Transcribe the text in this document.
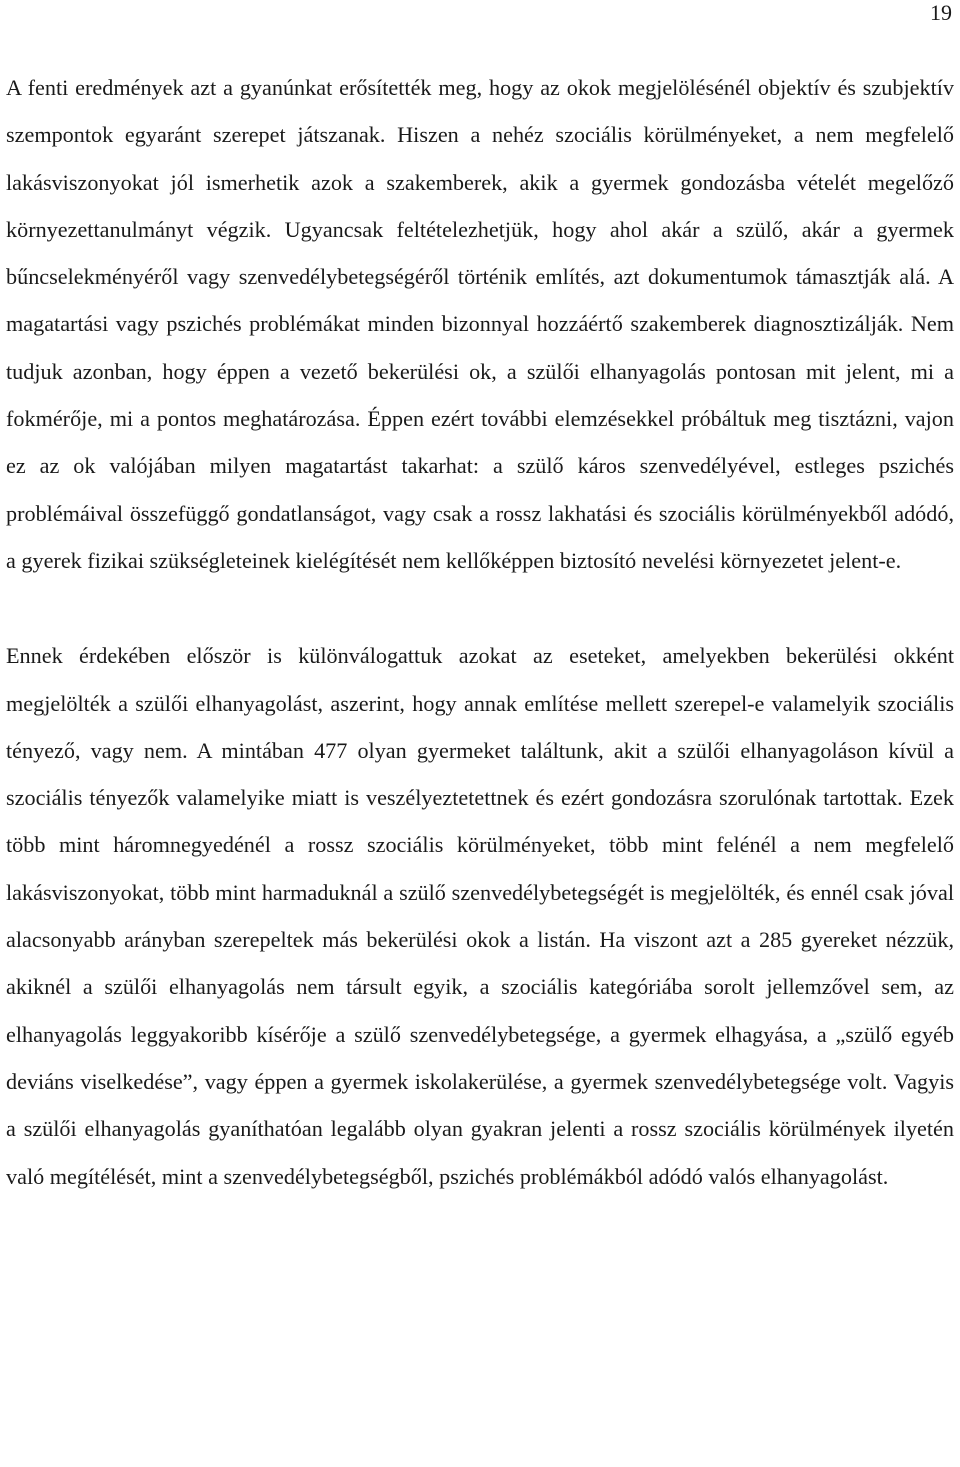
19

A fenti eredmények azt a gyanúnkat erősítették meg, hogy az okok megjelölésénél objektív és szubjektív szempontok egyaránt szerepet játszanak. Hiszen a nehéz szociális körülményeket, a nem megfelelő lakásviszonyokat jól ismerhetik azok a szakemberek, akik a gyermek gondozásba vételét megelőző környezettanulmányt végzik. Ugyancsak feltételezhetjük, hogy ahol akár a szülő, akár a gyermek bűncselekményéről vagy szenvedélybetegségéről történik említés, azt dokumentumok támasztják alá. A magatartási vagy pszichés problémákat minden bizonnyal hozzáértő szakemberek diagnosztizálják. Nem tudjuk azonban, hogy éppen a vezető bekerülési ok, a szülői elhanyagolás pontosan mit jelent, mi a fokmérője, mi a pontos meghatározása. Éppen ezért további elemzésekkel próbáltuk meg tisztázni, vajon ez az ok valójában milyen magatartást takarhat: a szülő káros szenvedélyével, estleges pszichés problémáival összefüggő gondatlanságot, vagy csak a rossz lakhatási és szociális körülményekből adódó, a gyerek fizikai szükségleteinek kielégítését nem kellőképpen biztosító nevelési környezetet jelent-e.

Ennek érdekében először is különválogattuk azokat az eseteket, amelyekben bekerülési okként megjelölték a szülői elhanyagolást, aszerint, hogy annak említése mellett szerepel-e valamelyik szociális tényező, vagy nem. A mintában 477 olyan gyermeket találtunk, akit a szülői elhanyagoláson kívül a szociális tényezők valamelyike miatt is veszélyeztetettnek és ezért gondozásra szorulónak tartottak. Ezek több mint háromnegyedénél a rossz szociális körülményeket, több mint felénél a nem megfelelő lakásviszonyokat, több mint harmaduknál a szülő szenvedélybetegségét is megjelölték, és ennél csak jóval alacsonyabb arányban szerepeltek más bekerülési okok a listán. Ha viszont azt a 285 gyereket nézzük, akiknél a szülői elhanyagolás nem társult egyik, a szociális kategóriába sorolt jellemzővel sem, az elhanyagolás leggyakoribb kísérője a szülő szenvedélybetegsége, a gyermek elhagyása, a „szülő egyéb deviáns viselkedése”, vagy éppen a gyermek iskolakerülése, a gyermek szenvedélybetegsége volt. Vagyis a szülői elhanyagolás gyaníthatóan legalább olyan gyakran jelenti a rossz szociális körülmények ilyetén való megítélését, mint a szenvedélybetegségből, pszichés problémákból adódó valós elhanyagolást.
